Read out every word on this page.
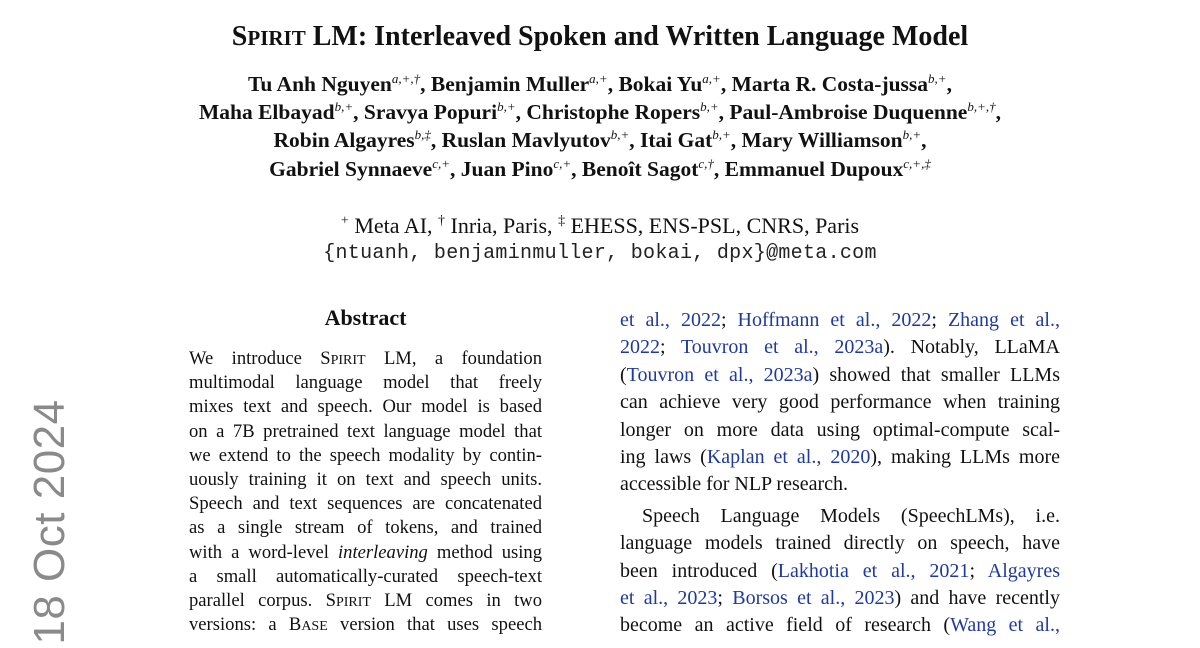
SPIRIT LM: Interleaved Spoken and Written Language Model
Tu Anh Nguyen$^{a,+,\dagger}$, Benjamin Muller$^{a,+}$, Bokai $Yu^{a,+}$, Marta R. Costa-jussa$^{b,+}$,
Maha Elbayad$^{b,+}$, Sravya Popuri$^{b,+}$, Christophe Ropers$^{b,+}$, Paul-Ambroise Duquenne$^{b,+,\dagger}$,
Robin Algayres$^{b,\ddagger}$, Ruslan Mavlyutov$^{b,+}$, Itai Gat$^{b,+}$, Mary Williamson$^{b,+}$,
Gabriel Synnaeve$^{c,+}$, Juan Pino$^{c,+}$, Benoît Sagot$^{c,\dagger}$, Emmanuel Dupoux$^{c,+,\ddagger}$
+ Meta AI, † Inria, Paris, ‡ EHESS, ENS-PSL, CNRS, Paris
{ntuanh, benjaminmuller, bokai, dpx}@meta.com
18 Oct 2024
Abstract
We introduce SPIRIT LM, a foundation
multimodal language model that freely
mixes text and speech. Our model is based
on a 7B pretrained text language model that
we extend to the speech modality by contin-
uously training it on text and speech units.
Speech and text sequences are concatenated
as a single stream of tokens, and trained
with a word-level interleaving method using
a small automatically-curated speech-text
parallel corpus. SPIRIT LM comes in two
versions: a BASE version that uses speech
et al., 2022; Hoffmann et al., 2022; Zhang et al.,
2022; Touvron et al., 2023a). Notably, LLaMA
(Touvron et al., 2023a) showed that smaller LLMs
can achieve very good performance when training
longer on more data using optimal-compute scal-
ing laws (Kaplan et al., 2020), making LLMs more
accessible for NLP research.
Speech Language Models (SpeechLMs), i.e.
language models trained directly on speech, have
been introduced (Lakhotia et al., 2021; Algayres
et al., 2023; Borsos et al., 2023) and have recently
become an active field of research (Wang et al.,
